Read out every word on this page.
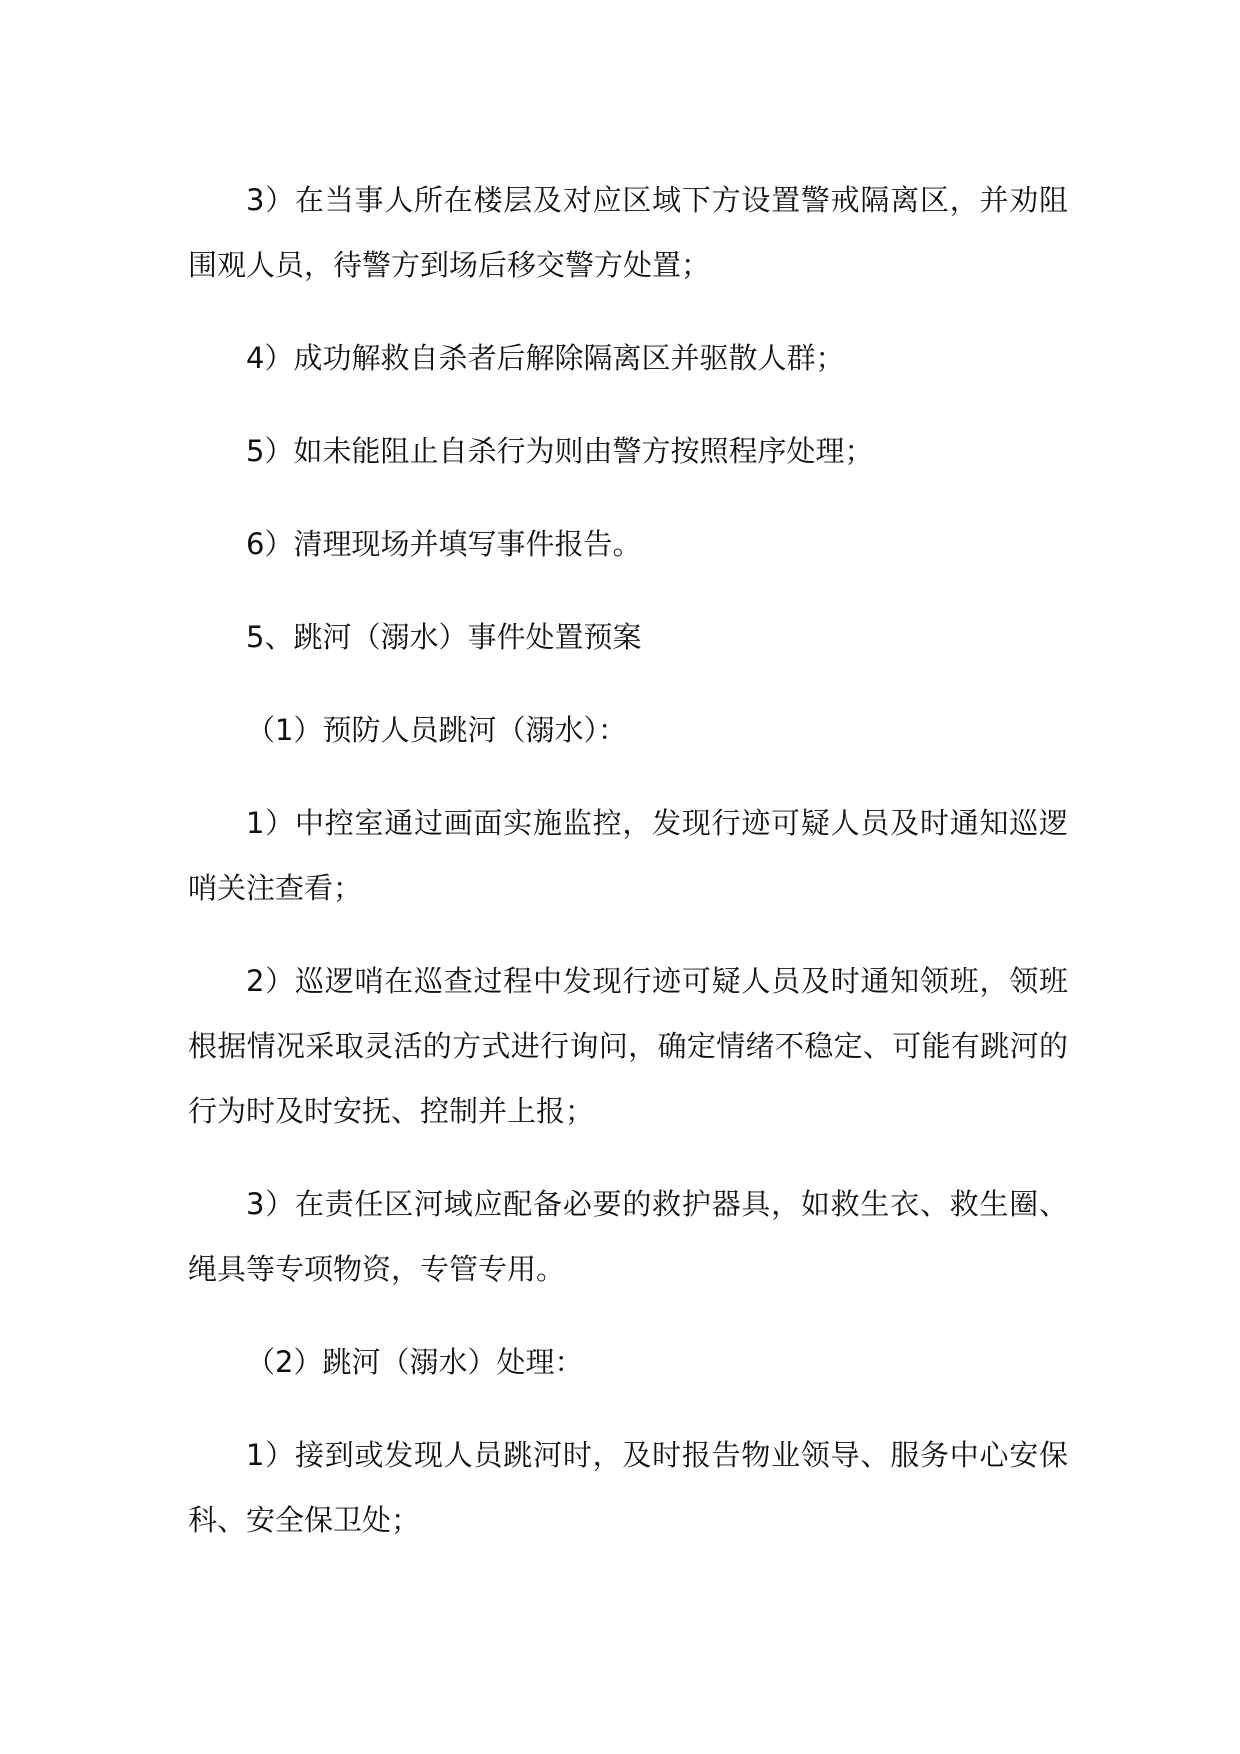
3）在当事人所在楼层及对应区域下方设置警戒隔离区，并劝阻围观人员，待警方到场后移交警方处置；

4）成功解救自杀者后解除隔离区并驱散人群；

5）如未能阻止自杀行为则由警方按照程序处理；

6）清理现场并填写事件报告。

5、跳河（溺水）事件处置预案

（1）预防人员跳河（溺水）：

1）中控室通过画面实施监控，发现行迹可疑人员及时通知巡逻哨关注查看；

2）巡逻哨在巡查过程中发现行迹可疑人员及时通知领班，领班根据情况采取灵活的方式进行询问，确定情绪不稳定、可能有跳河的行为时及时安抚、控制并上报；

3）在责任区河域应配备必要的救护器具，如救生衣、救生圈、绳具等专项物资，专管专用。

（2）跳河（溺水）处理：

1）接到或发现人员跳河时，及时报告物业领导、服务中心安保科、安全保卫处；
